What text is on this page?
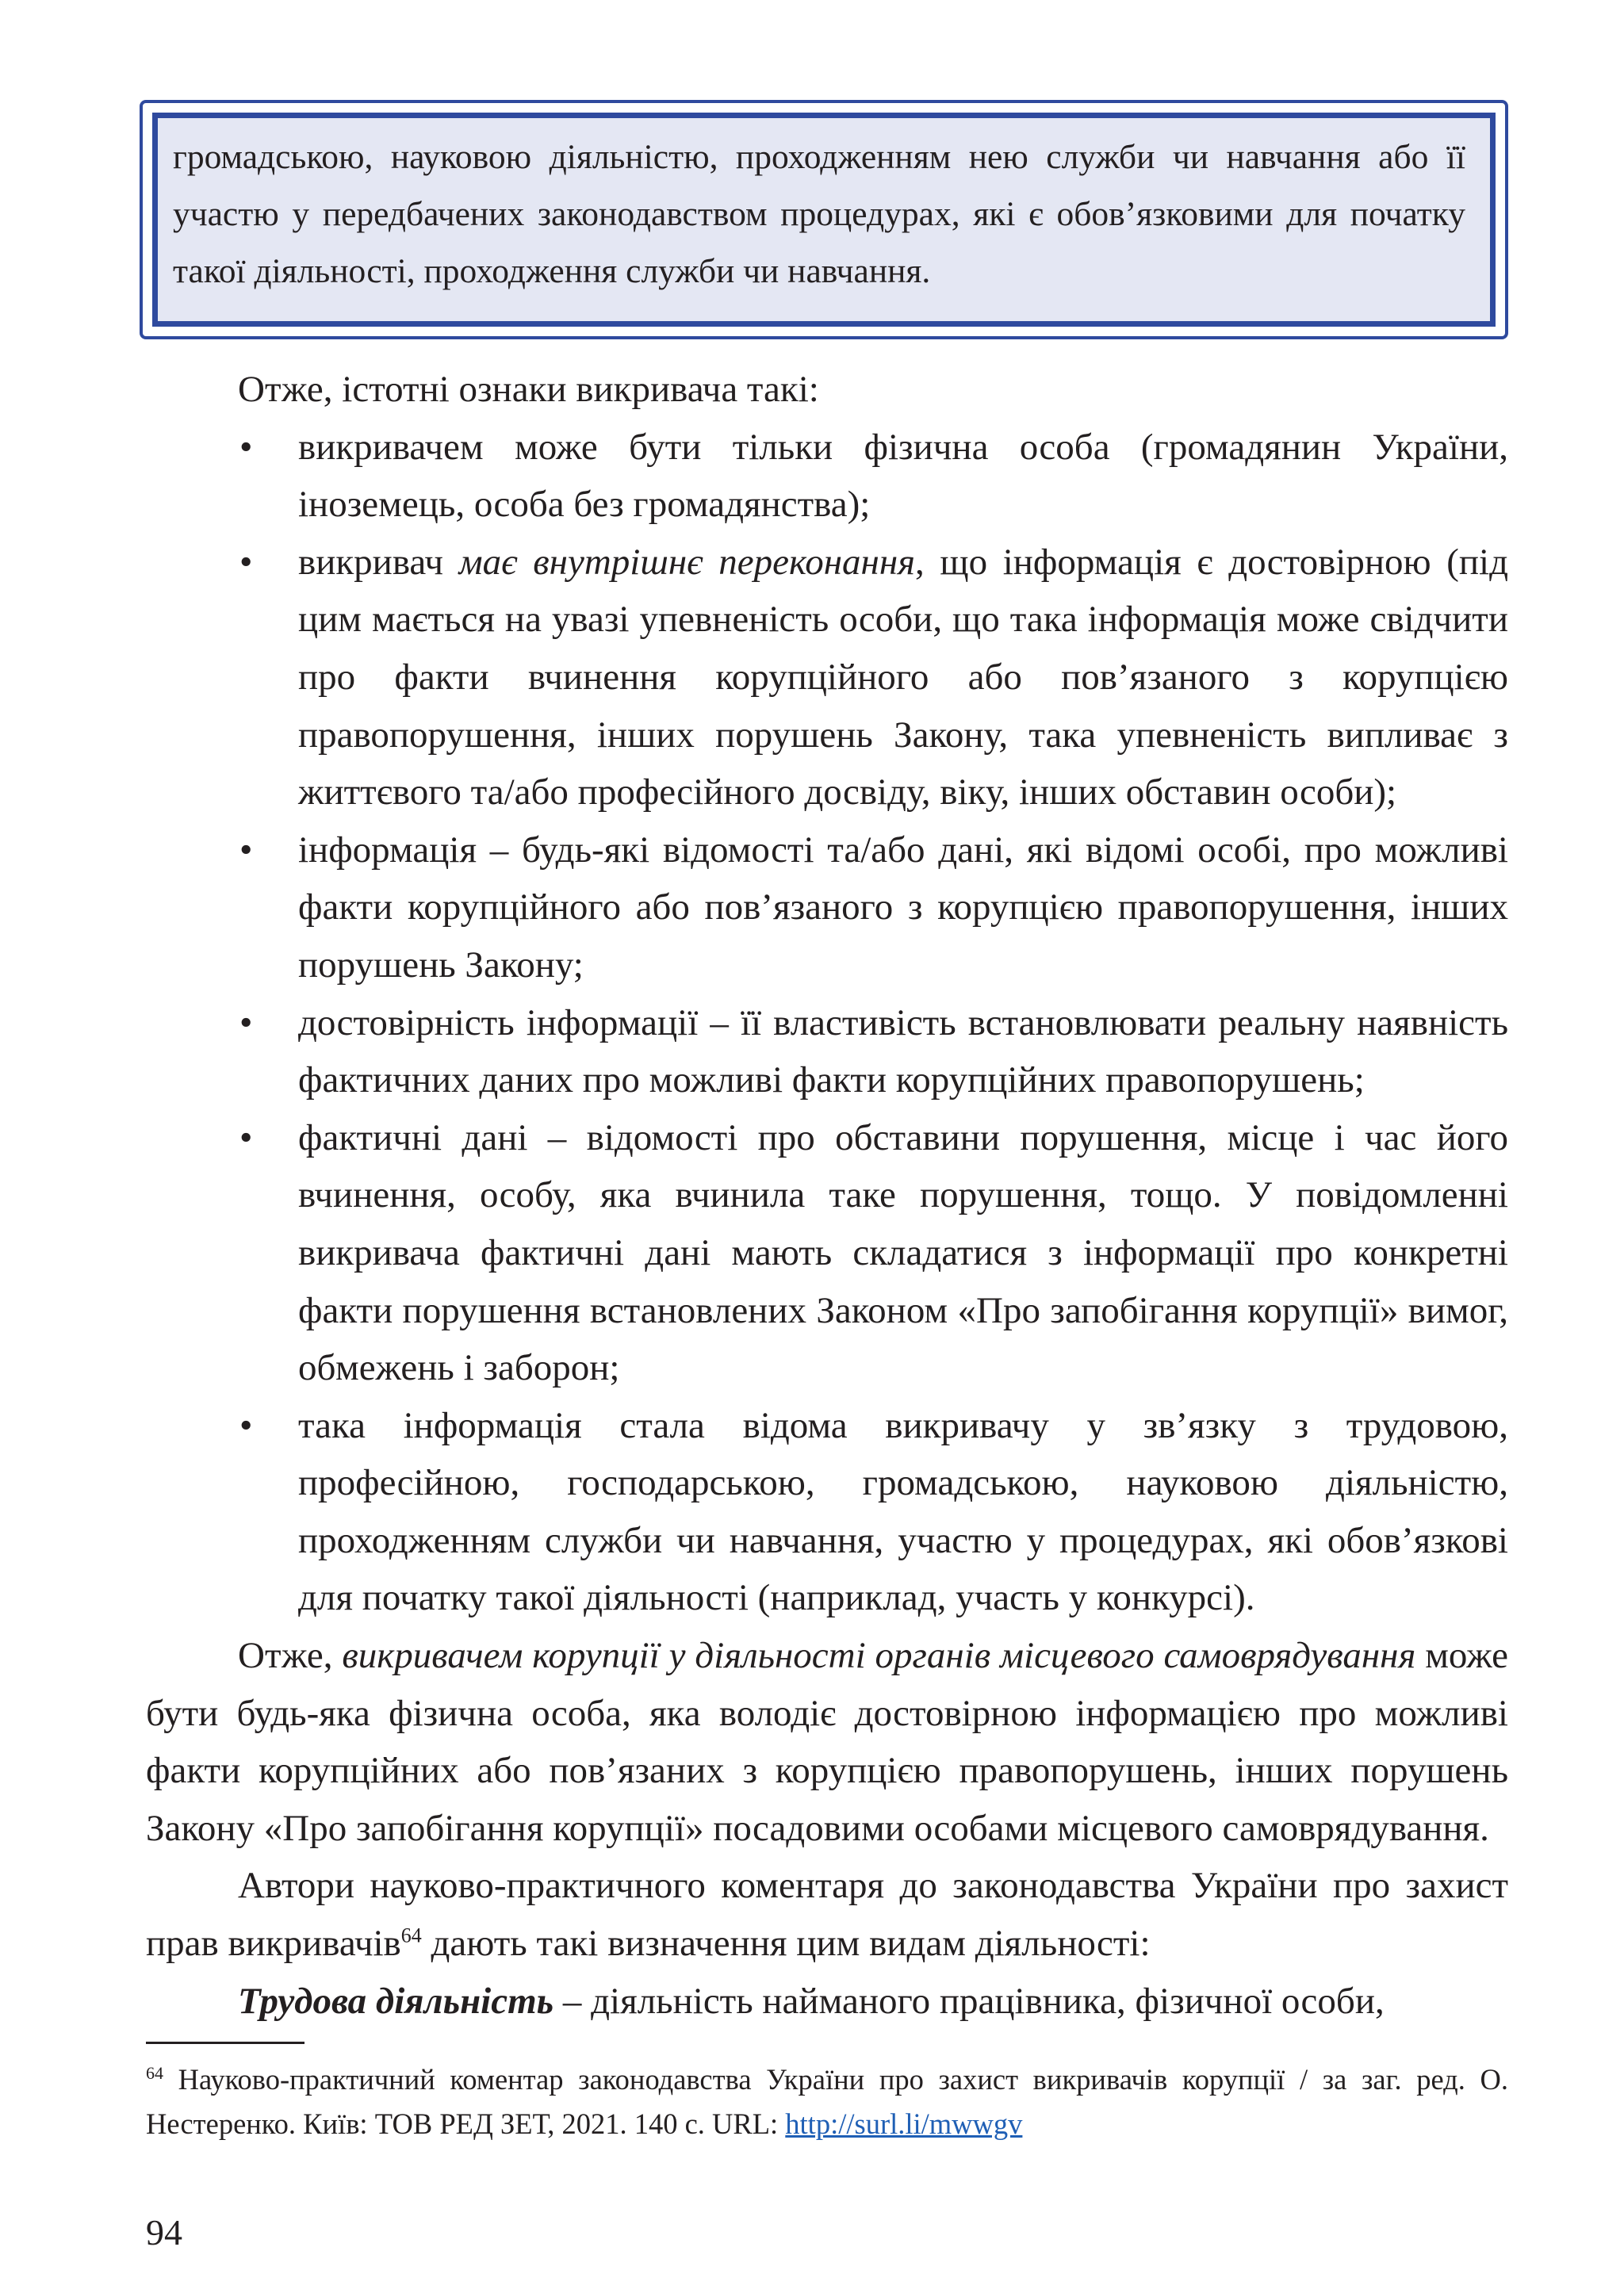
громадською, науковою діяльністю, проходженням нею служби чи навчання або її участю у передбачених законодавством процедурах, які є обов’язковими для початку такої діяльності, проходження служби чи навчання.

Отже, істотні ознаки викривача такі:

• викривачем може бути тільки фізична особа (громадянин України, іноземець, особа без громадянства);

• викривач має внутрішнє переконання, що інформація є достовірною (під цим мається на увазі упевненість особи, що така інформація може свідчити про факти вчинення корупційного або пов’язаного з корупцією правопорушення, інших порушень Закону, така упевненість випливає з життєвого та/або професійного досвіду, віку, інших обставин особи);

• інформація – будь-які відомості та/або дані, які відомі особі, про можливі факти корупційного або пов’язаного з корупцією правопорушення, інших порушень Закону;

• достовірність інформації – її властивість встановлювати реальну наявність фактичних даних про можливі факти корупційних правопорушень;

• фактичні дані – відомості про обставини порушення, місце і час його вчинення, особу, яка вчинила таке порушення, тощо. У повідомленні викривача фактичні дані мають складатися з інформації про конкретні факти порушення встановлених Законом «Про запобігання корупції» вимог, обмежень і заборон;

• така інформація стала відома викривачу у зв’язку з трудовою, професійною, господарською, громадською, науковою діяльністю, проходженням служби чи навчання, участю у процедурах, які обов’язкові для початку такої діяльності (наприклад, участь у конкурсі).

Отже, викривачем корупції у діяльності органів місцевого самоврядування може бути будь-яка фізична особа, яка володіє достовірною інформацією про можливі факти корупційних або пов’язаних з корупцією правопорушень, інших порушень Закону «Про запобігання корупції» посадовими особами місцевого самоврядування.

Автори науково-практичного коментаря до законодавства України про захист прав викривачів$^{64}$ дають такі визначення цим видам діяльності:

Трудова діяльність – діяльність найманого працівника, фізичної особи,

$^{64}$ Науково-практичний коментар законодавства України про захист викривачів корупції / за заг. ред. О. Нестеренко. Київ: ТОВ РЕД ЗЕТ, 2021. 140 с. URL: http://surl.li/mwwgv
94
